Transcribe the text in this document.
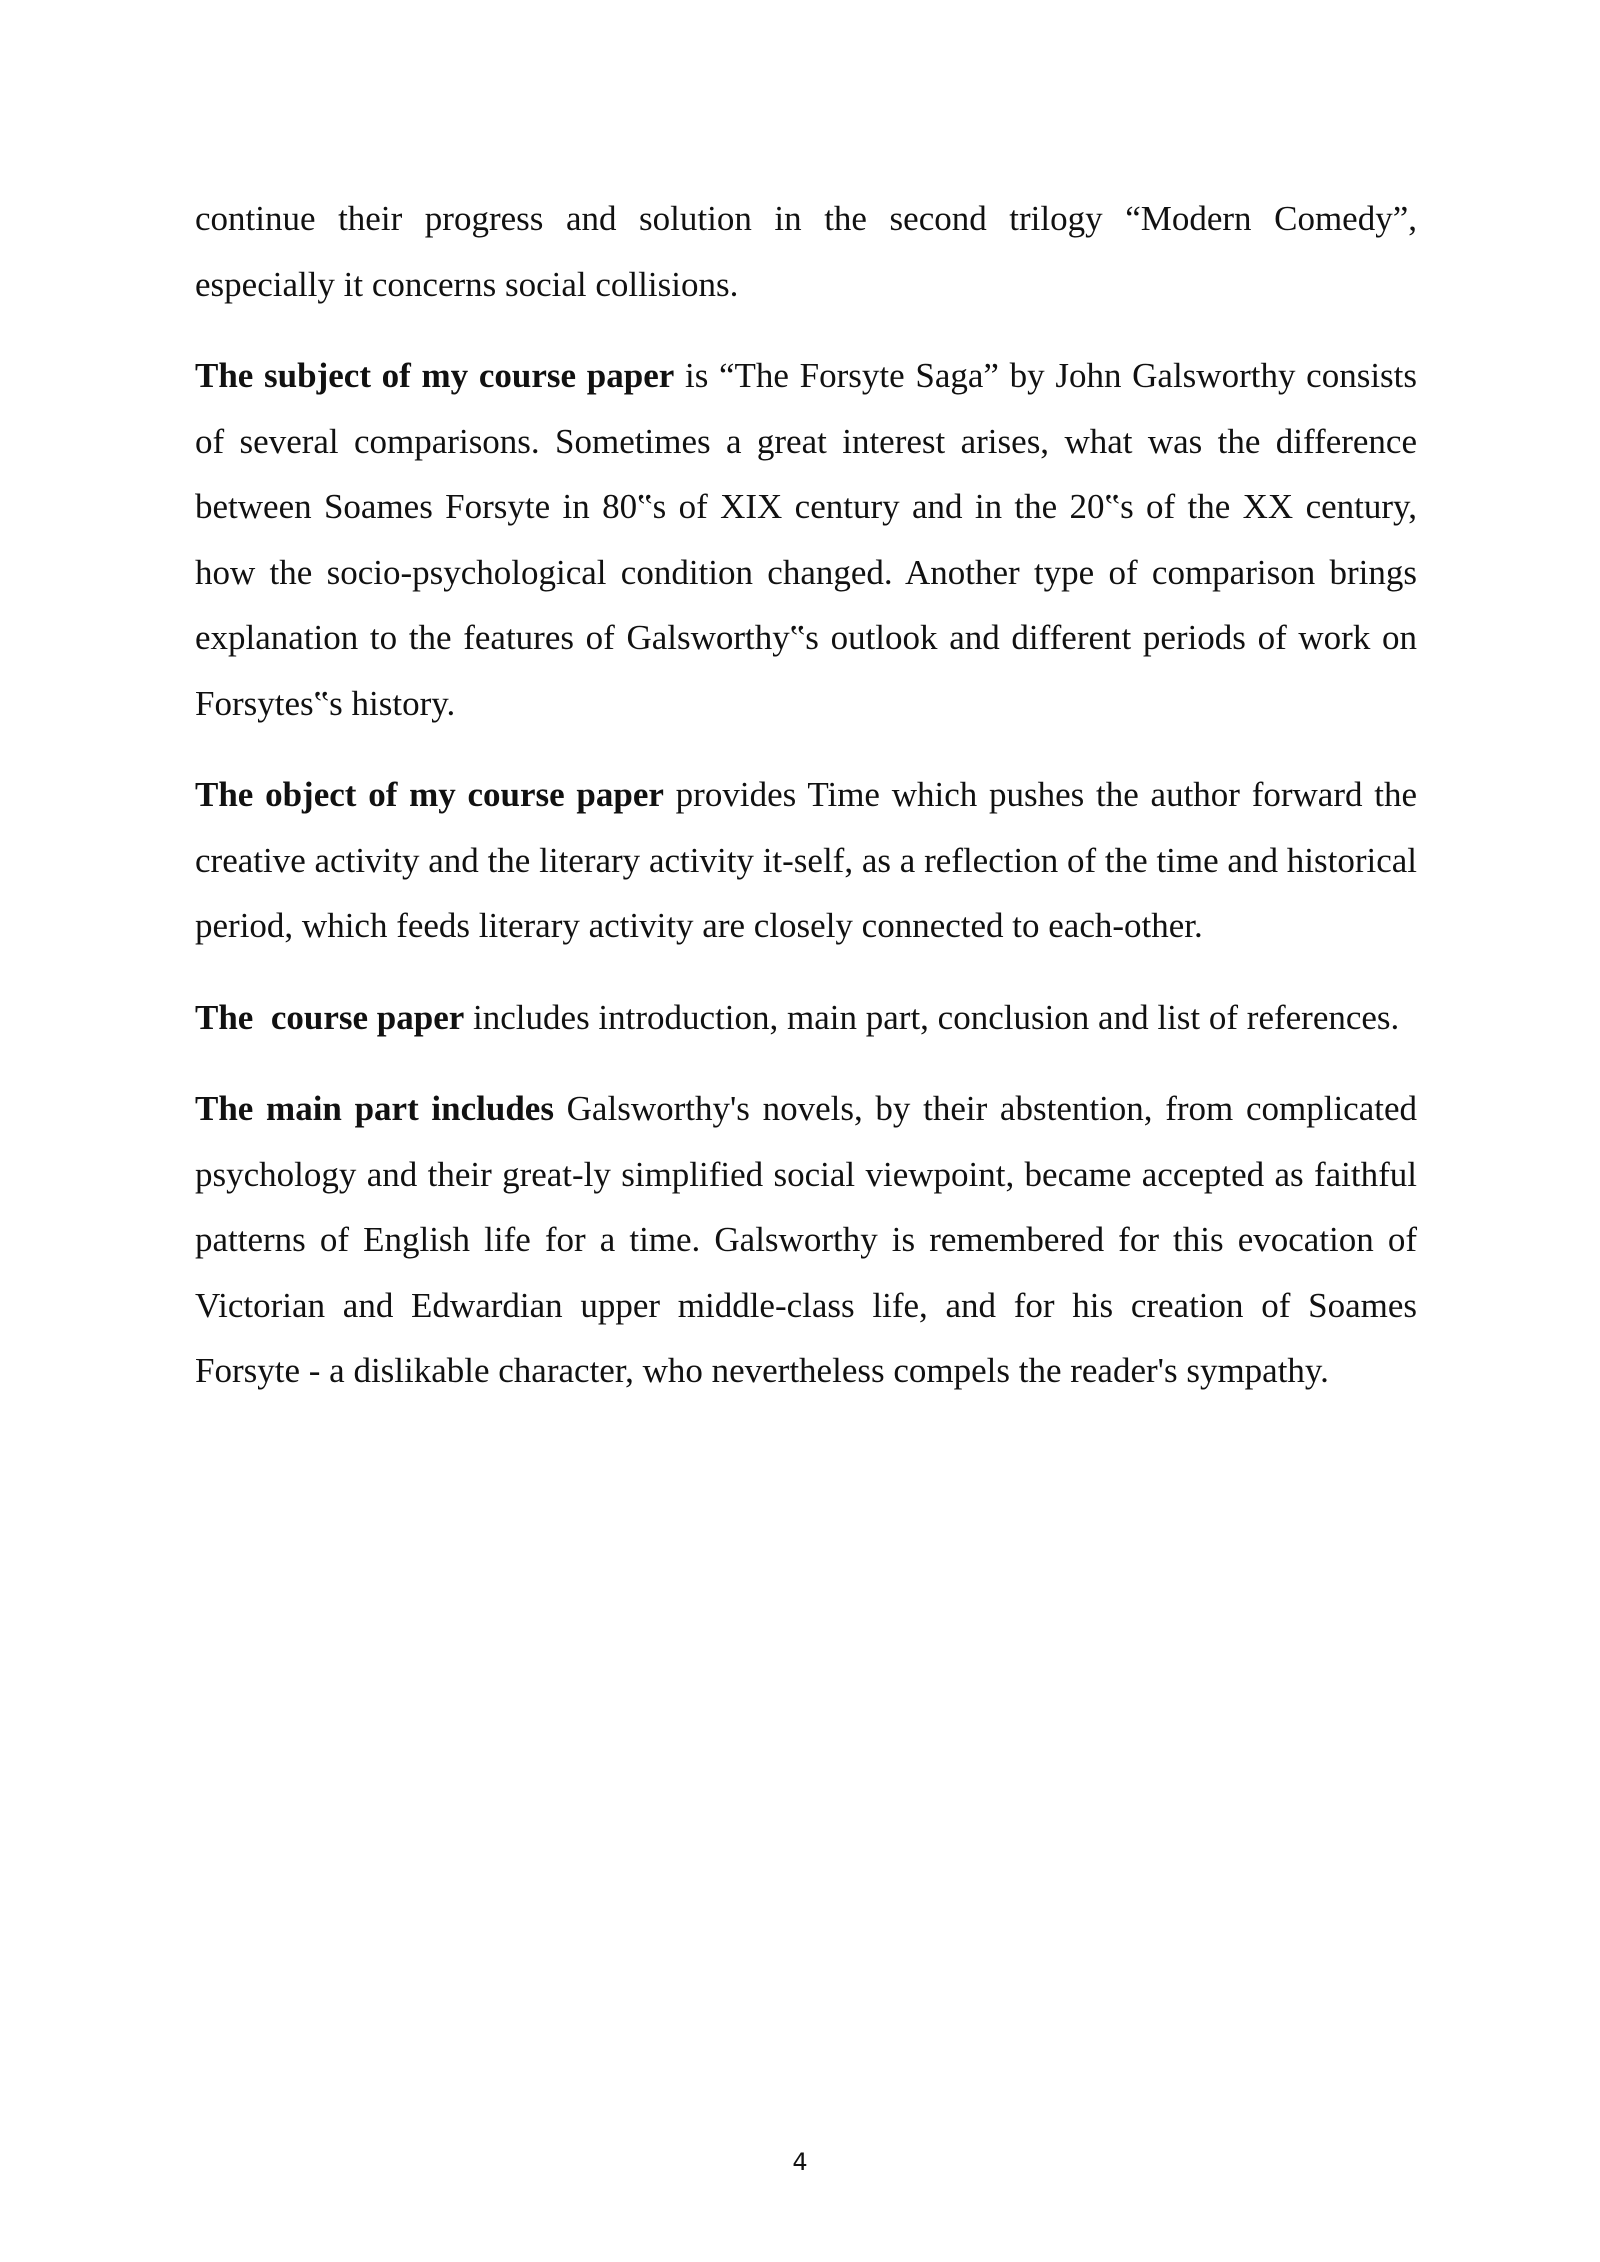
continue their progress and solution in the second trilogy “Modern Comedy”, especially it concerns social collisions.

The subject of my course paper is “The Forsyte Saga” by John Galsworthy consists of several comparisons. Sometimes a great interest arises, what was the difference between Soames Forsyte in 80‟s of XIX century and in the 20‟s of the XX century, how the socio-psychological condition changed. Another type of comparison brings explanation to the features of Galsworthy‟s outlook and different periods of work on Forsytes‟s history.

The object of my course paper provides Time which pushes the author forward the creative activity and the literary activity it-self, as a reflection of the time and historical period, which feeds literary activity are closely connected to each-other.

The  course paper includes introduction, main part, conclusion and list of references.

The main part includes Galsworthy's novels, by their abstention, from complicated psychology and their great-ly simplified social viewpoint, became accepted as faithful patterns of English life for a time. Galsworthy is remembered for this evocation of Victorian and Edwardian upper middle-class life, and for his creation of Soames Forsyte - a dislikable character, who nevertheless compels the reader's sympathy.

4
